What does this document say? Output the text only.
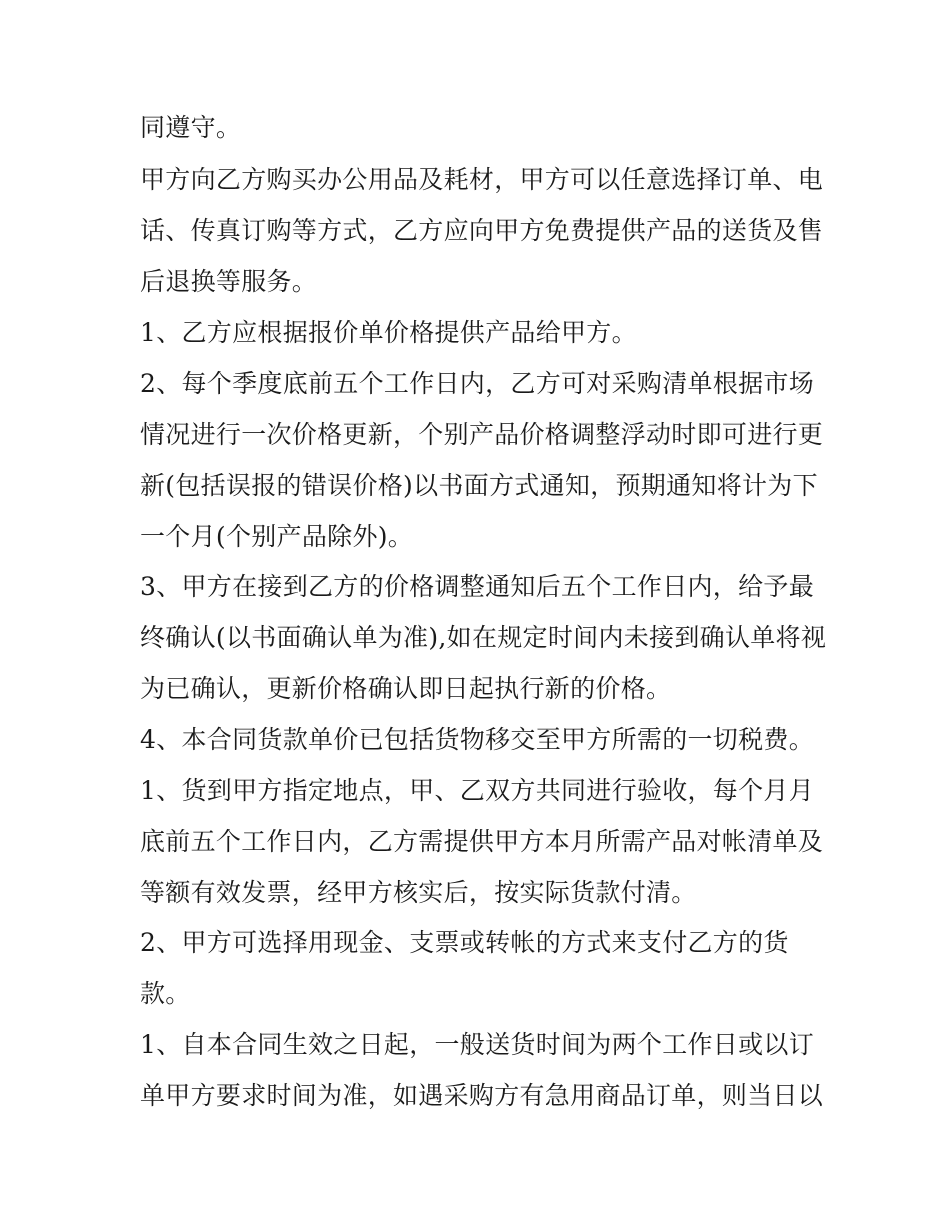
同遵守。
甲方向乙方购买办公用品及耗材，甲方可以任意选择订单、电
话、传真订购等方式，乙方应向甲方免费提供产品的送货及售
后退换等服务。
1、乙方应根据报价单价格提供产品给甲方。
2、每个季度底前五个工作日内，乙方可对采购清单根据市场
情况进行一次价格更新，个别产品价格调整浮动时即可进行更
新(包括误报的错误价格)以书面方式通知，预期通知将计为下
一个月(个别产品除外)。
3、甲方在接到乙方的价格调整通知后五个工作日内，给予最
终确认(以书面确认单为准),如在规定时间内未接到确认单将视
为已确认，更新价格确认即日起执行新的价格。
4、本合同货款单价已包括货物移交至甲方所需的一切税费。
1、货到甲方指定地点，甲、乙双方共同进行验收，每个月月
底前五个工作日内，乙方需提供甲方本月所需产品对帐清单及
等额有效发票，经甲方核实后，按实际货款付清。
2、甲方可选择用现金、支票或转帐的方式来支付乙方的货
款。
1、自本合同生效之日起，一般送货时间为两个工作日或以订
单甲方要求时间为准，如遇采购方有急用商品订单，则当日以
